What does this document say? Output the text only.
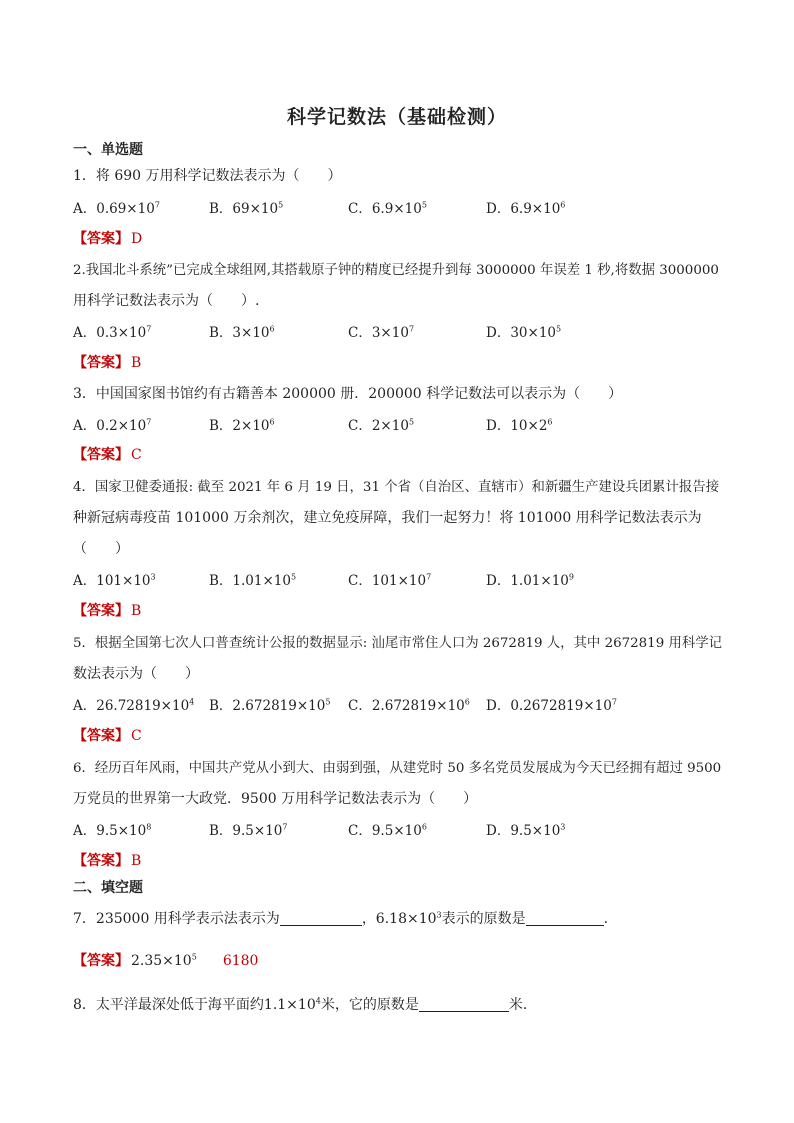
科学记数法（基础检测）
一、单选题
1．将 690 万用科学记数法表示为（　　）
A．$0.69\times 10^7$	B．$69\times 10^5$	C．$6.9\times 10^5$	D．$6.9\times 10^6$
【答案】 D
2.我国北斗系统”已完成全球组网,其搭载原子钟的精度已经提升到每 3000000 年误差 1 秒,将数据 3000000
用科学记数法表示为（　　）.
A．$0.3\times 10^7$	B．$3\times 10^6$	C．$3\times 10^7$	D．$30\times 10^5$
【答案】 B
3．中国国家图书馆约有古籍善本 200000 册．200000 科学记数法可以表示为（　　）
A．$0.2\times 10^7$	B．$2\times 10^6$	C．$2\times 10^5$	D．$10\times 2^6$
【答案】 C
4．国家卫健委通报: 截至 2021 年 6 月 19 日，31 个省（自治区、直辖市）和新疆生产建设兵团累计报告接
种新冠病毒疫苗 101000 万余剂次，建立免疫屏障，我们一起努力！将 101000 用科学记数法表示为
（　　）
A．$101\times 10^3$	B．$1.01\times 10^5$	C．$101\times 10^7$	D．$1.01\times 10^9$
【答案】 B
5．根据全国第七次人口普查统计公报的数据显示: 汕尾市常住人口为 2672819 人，其中 2672819 用科学记
数法表示为（　　）
A．$26.72819\times 10^4$ B．$2.672819\times 10^5$ C．$2.672819\times 10^6$ D．$0.2672819\times 10^7$
【答案】 C
6．经历百年风雨，中国共产党从小到大、由弱到强，从建党时 50 多名党员发展成为今天已经拥有超过 9500
万党员的世界第一大政党．9500 万用科学记数法表示为（　　）
A．$9.5\times 10^8$	B．$9.5\times 10^7$	C．$9.5\times 10^6$	D．$9.5\times 10^3$
【答案】 B
二、填空题
7．235000 用科学表示法表示为	，$6.18\times 10^3$表示的原数是	.
【答案】 $2.35\times 10^5$ 6180
8．太平洋最深处低于海平面约$1.1\times 10^4$米，它的原数是	米．
